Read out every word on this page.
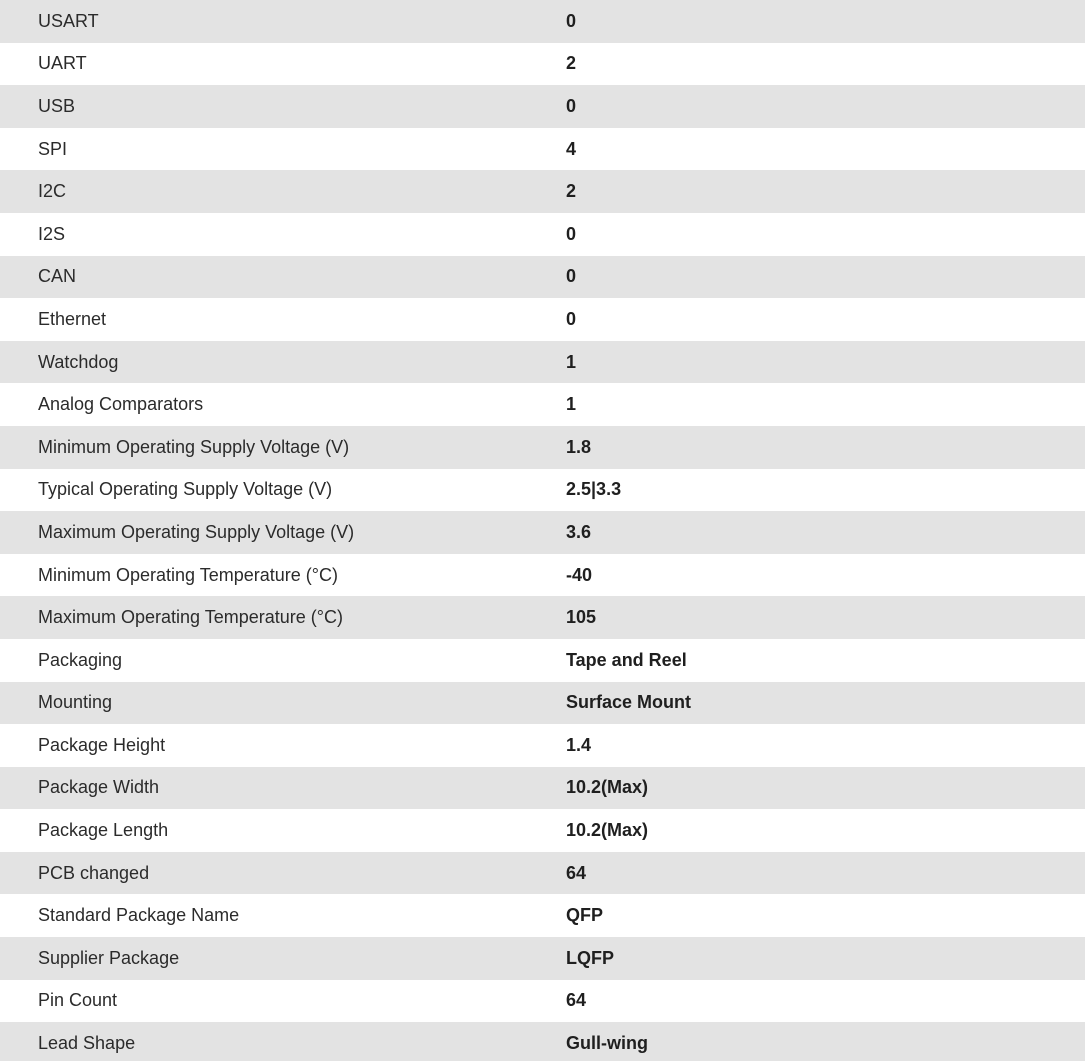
USART	0
UART	2
USB	0
SPI	4
I2C	2
I2S	0
CAN	0
Ethernet	0
Watchdog	1
Analog Comparators	1
Minimum Operating Supply Voltage (V)	1.8
Typical Operating Supply Voltage (V)	2.5|3.3
Maximum Operating Supply Voltage (V)	3.6
Minimum Operating Temperature (°C)	-40
Maximum Operating Temperature (°C)	105
Packaging	Tape and Reel
Mounting	Surface Mount
Package Height	1.4
Package Width	10.2(Max)
Package Length	10.2(Max)
PCB changed	64
Standard Package Name	QFP
Supplier Package	LQFP
Pin Count	64
Lead Shape	Gull-wing
